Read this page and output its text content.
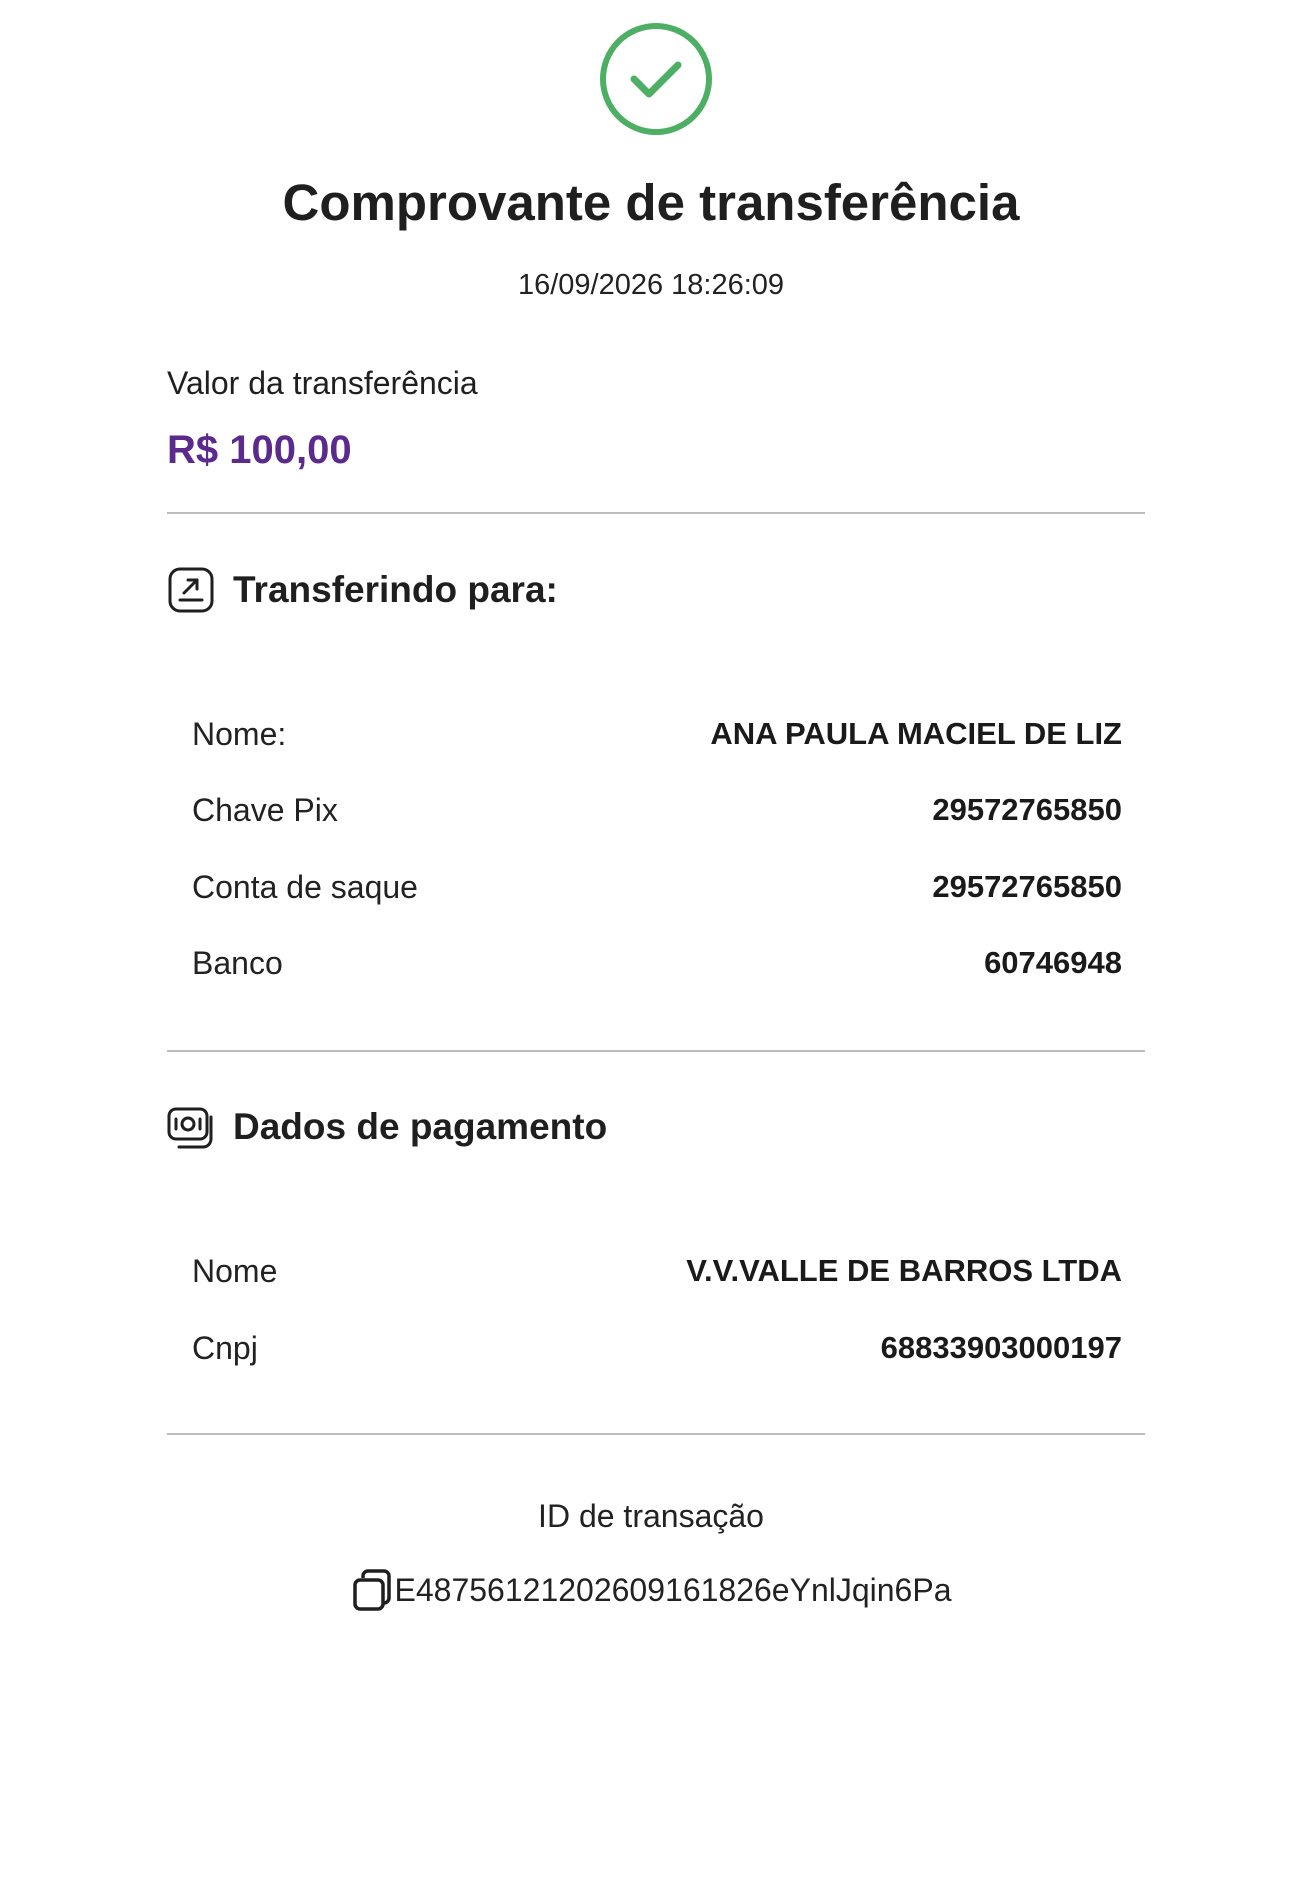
Comprovante de transferência
16/09/2026 18:26:09
Valor da transferência
R$ 100,00
Transferindo para:
Nome:	ANA PAULA MACIEL DE LIZ
Chave Pix	29572765850
Conta de saque	29572765850
Banco	60746948
Dados de pagamento
Nome	V.V.VALLE DE BARROS LTDA
Cnpj	68833903000197
ID de transação
E48756121202609161826eYnlJqin6Pa
